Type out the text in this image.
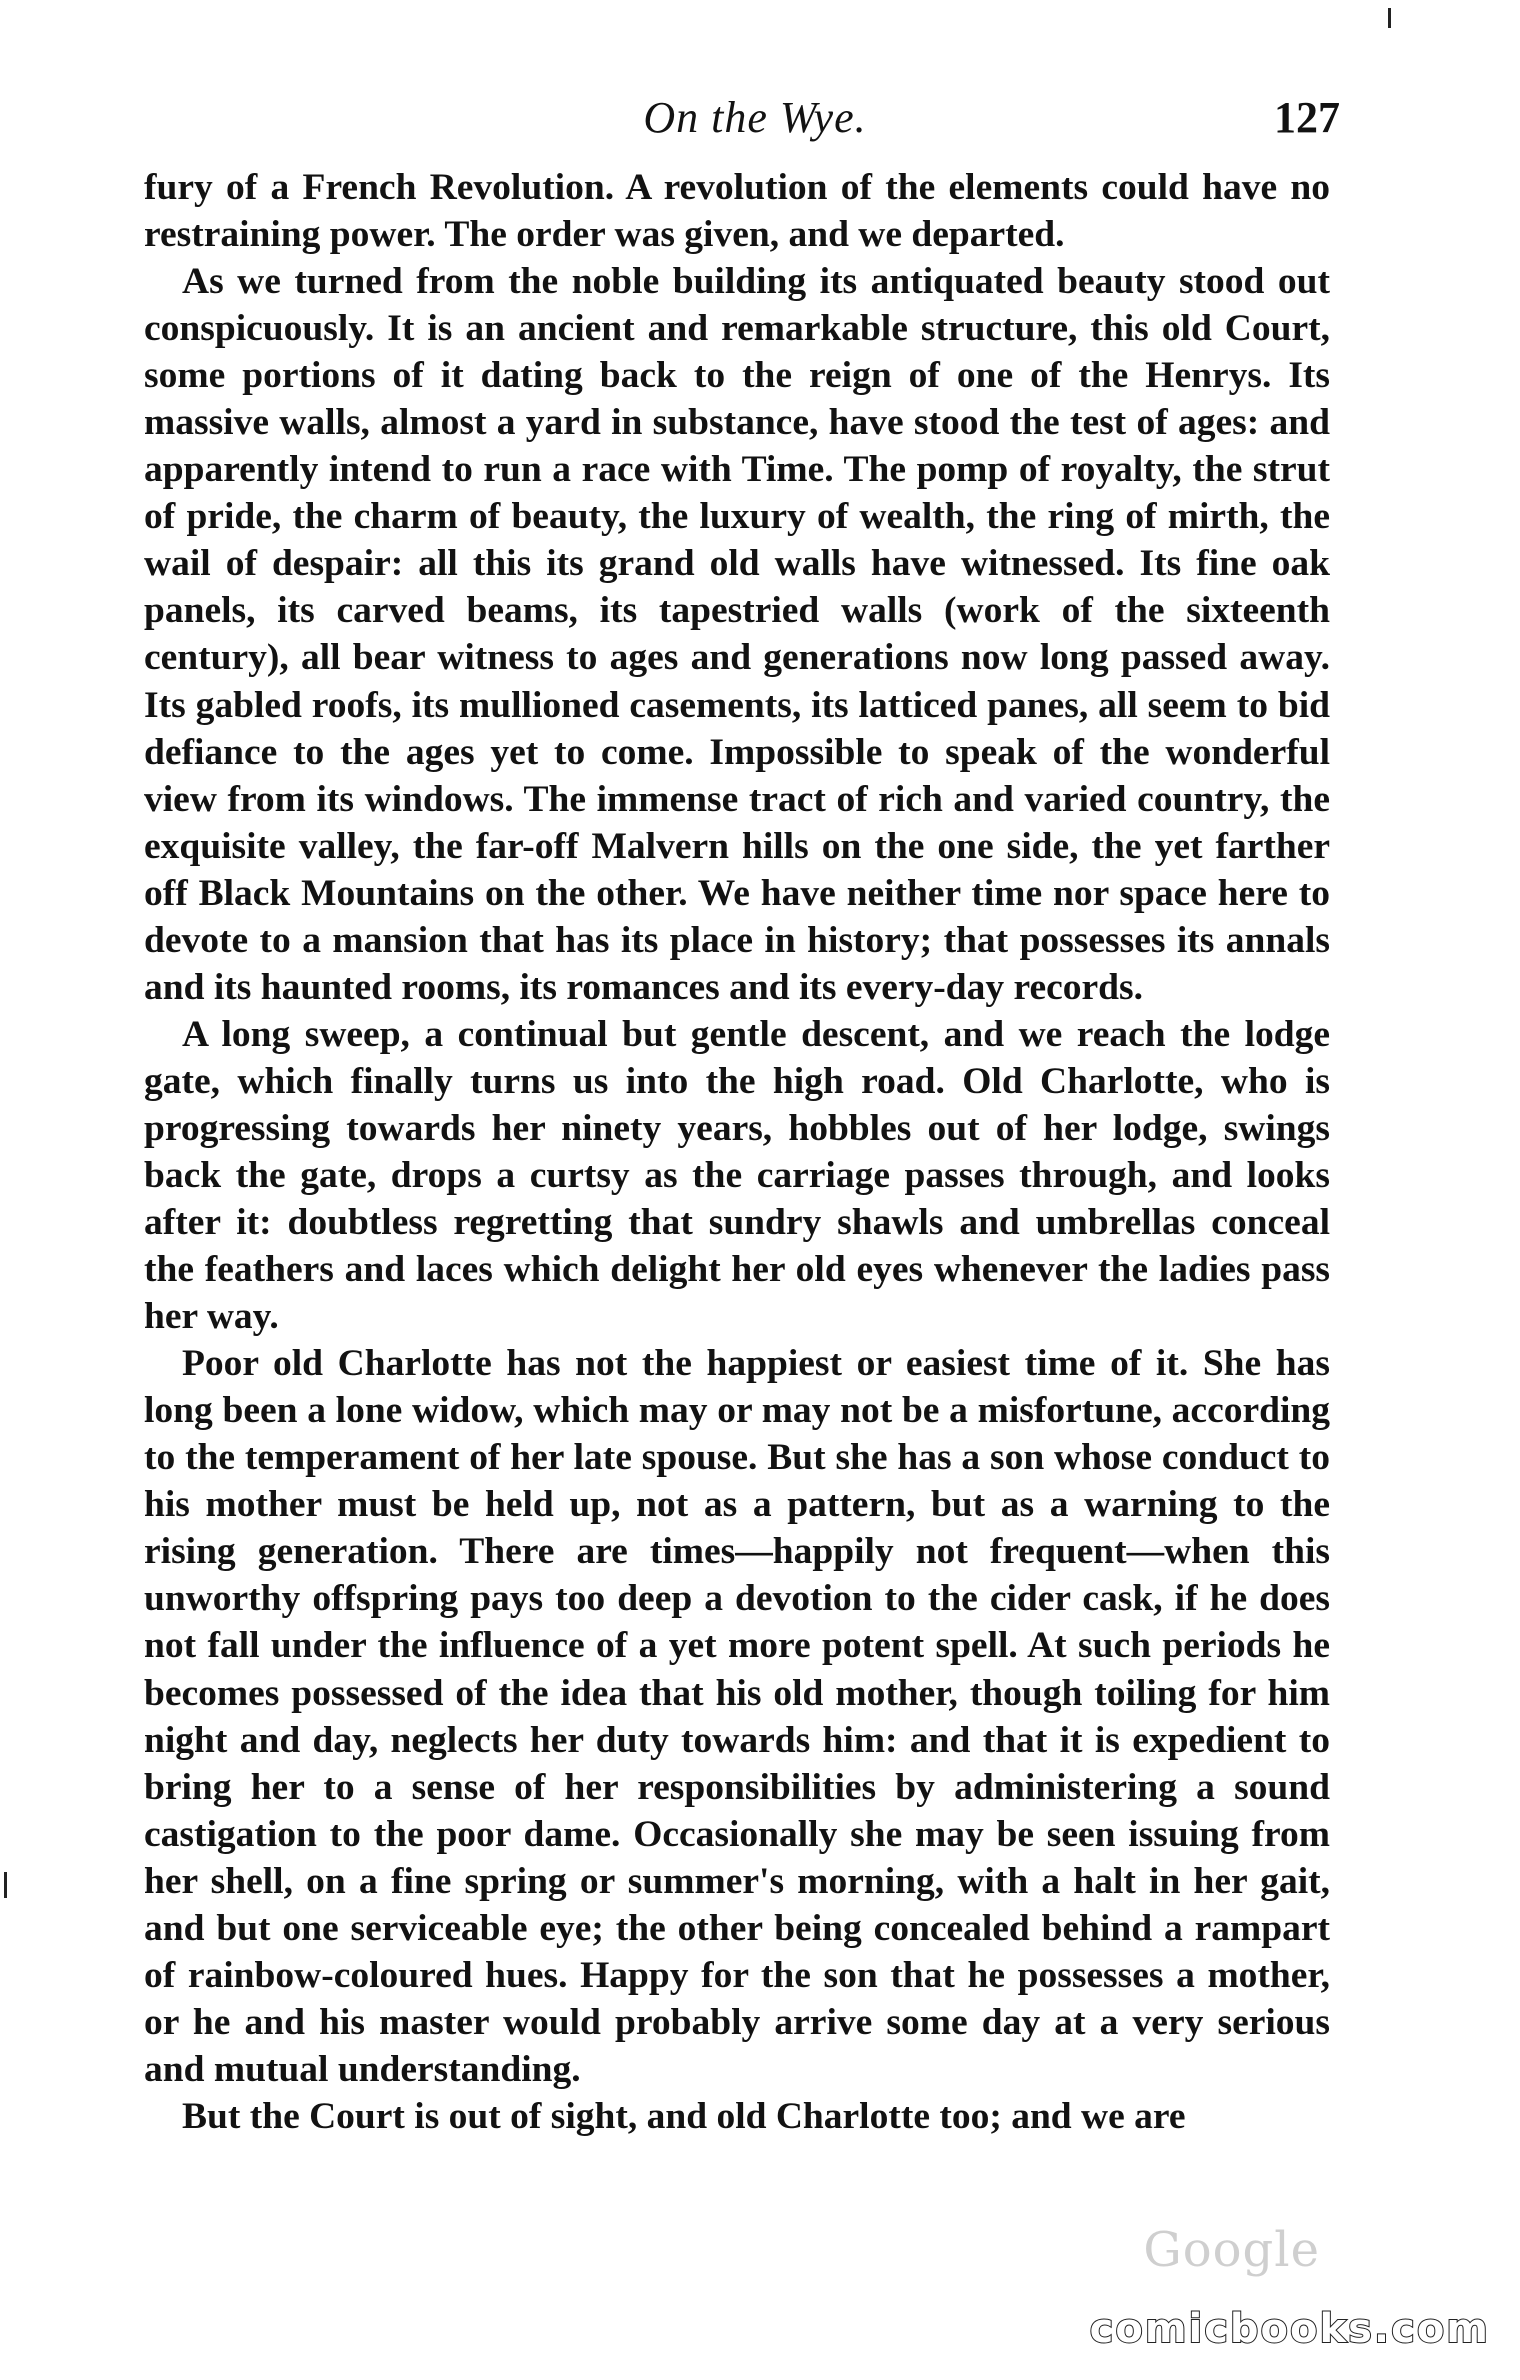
On the Wye.	127

fury of a French Revolution. A revolution of the elements could have no restraining power. The order was given, and we departed.

As we turned from the noble building its antiquated beauty stood out conspicuously. It is an ancient and remarkable structure, this old Court, some portions of it dating back to the reign of one of the Henrys. Its massive walls, almost a yard in substance, have stood the test of ages: and apparently intend to run a race with Time. The pomp of royalty, the strut of pride, the charm of beauty, the luxury of wealth, the ring of mirth, the wail of despair: all this its grand old walls have witnessed. Its fine oak panels, its carved beams, its tapestried walls (work of the sixteenth century), all bear witness to ages and generations now long passed away. Its gabled roofs, its mullioned casements, its latticed panes, all seem to bid defiance to the ages yet to come. Impossible to speak of the wonderful view from its windows. The immense tract of rich and varied country, the exquisite valley, the far-off Malvern hills on the one side, the yet farther off Black Mountains on the other. We have neither time nor space here to devote to a mansion that has its place in history; that possesses its annals and its haunted rooms, its romances and its every-day records.

A long sweep, a continual but gentle descent, and we reach the lodge gate, which finally turns us into the high road. Old Charlotte, who is progressing towards her ninety years, hobbles out of her lodge, swings back the gate, drops a curtsy as the carriage passes through, and looks after it: doubtless regretting that sundry shawls and umbrellas conceal the feathers and laces which delight her old eyes whenever the ladies pass her way.

Poor old Charlotte has not the happiest or easiest time of it. She has long been a lone widow, which may or may not be a misfortune, according to the temperament of her late spouse. But she has a son whose conduct to his mother must be held up, not as a pattern, but as a warning to the rising generation. There are times—happily not frequent—when this unworthy offspring pays too deep a devotion to the cider cask, if he does not fall under the influence of a yet more potent spell. At such periods he becomes possessed of the idea that his old mother, though toiling for him night and day, neglects her duty towards him: and that it is expedient to bring her to a sense of her responsibilities by administering a sound castigation to the poor dame. Occasionally she may be seen issuing from her shell, on a fine spring or summer's morning, with a halt in her gait, and but one serviceable eye; the other being concealed behind a rampart of rainbow-coloured hues. Happy for the son that he possesses a mother, or he and his master would probably arrive some day at a very serious and mutual understanding.

But the Court is out of sight, and old Charlotte too; and we are

Google
comicbooks.com
